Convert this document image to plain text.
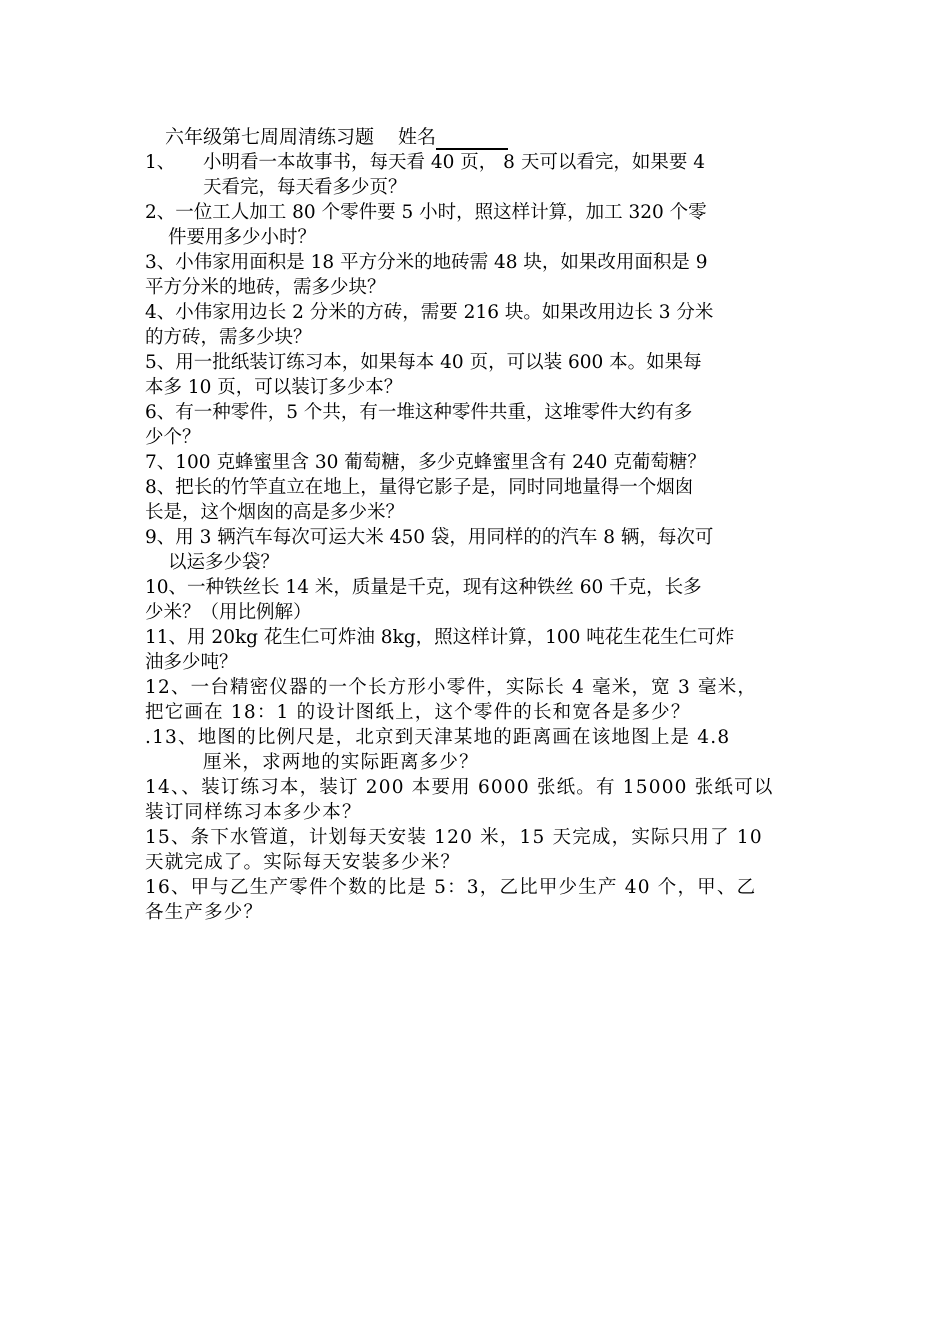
六年级第七周周清练习题 姓名

1、 小明看一本故事书，每天看 40 页， 8 天可以看完，如果要 4
天看完，每天看多少页？

2、一位工人加工 80 个零件要 5 小时，照这样计算，加工 320 个零
件要用多少小时？

3、小伟家用面积是 18 平方分米的地砖需 48 块，如果改用面积是 9
平方分米的地砖，需多少块？

4、小伟家用边长 2 分米的方砖，需要 216 块。如果改用边长 3 分米
的方砖，需多少块？

5、用一批纸装订练习本，如果每本 40 页，可以装 600 本。如果每
本多 10 页，可以装订多少本？

6、有一种零件，5 个共，有一堆这种零件共重，这堆零件大约有多
少个？

7、100 克蜂蜜里含 30 葡萄糖，多少克蜂蜜里含有 240 克葡萄糖？

8、把长的竹竿直立在地上，量得它影子是，同时同地量得一个烟囱
长是，这个烟囱的高是多少米？

9、用 3 辆汽车每次可运大米 450 袋，用同样的的汽车 8 辆，每次可
以运多少袋？

10、一种铁丝长 14 米，质量是千克，现有这种铁丝 60 千克，长多
少米？（用比例解）

11、用 20kg 花生仁可炸油 8kg，照这样计算，100 吨花生花生仁可炸
油多少吨？

12、一台精密仪器的一个长方形小零件，实际长 4 毫米，宽 3 毫米，
把它画在 18：1 的设计图纸上，这个零件的长和宽各是多少？

.13、地图的比例尺是，北京到天津某地的距离画在该地图上是 4.8
厘米，求两地的实际距离多少？

14、、装订练习本，装订 200 本要用 6000 张纸。有 15000 张纸可以
装订同样练习本多少本？

15、条下水管道，计划每天安装 120 米，15 天完成，实际只用了 10
天就完成了。实际每天安装多少米？

16、甲与乙生产零件个数的比是 5：3，乙比甲少生产 40 个，甲、乙
各生产多少？
